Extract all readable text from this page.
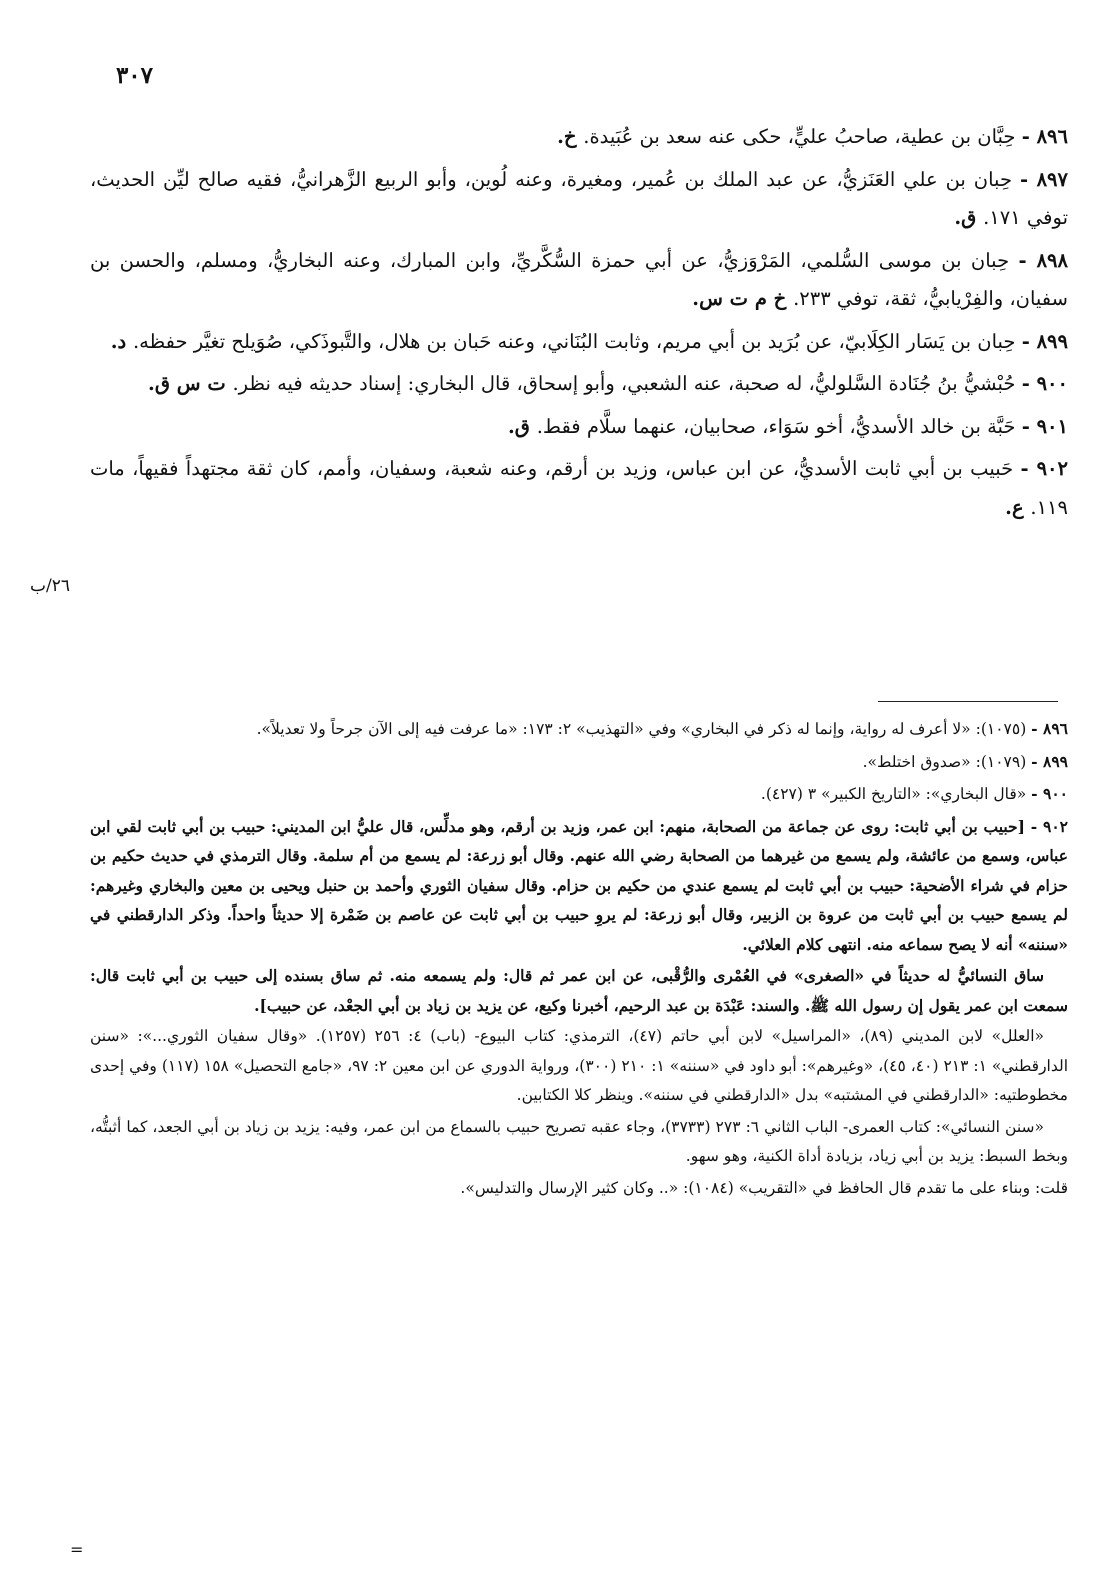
٣٠٧
٢٦/ب

٨٩٦ - حِبَّان بن عطية، صاحبُ عليٍّ، حكى عنه سعد بن عُبَيدة. خ.

٨٩٧ - حِبان بن علي العَنَزيُّ، عن عبد الملك بن عُمير، ومغيرة، وعنه لُوين، وأبو الربيع الزَّهرانيُّ، فقيه صالح ليِّن الحديث، توفي ١٧١. ق.

٨٩٨ - حِبان بن موسى السُّلمي، المَرْوَزيُّ، عن أبي حمزة السُّكَّريِّ، وابن المبارك، وعنه البخاريُّ، ومسلم، والحسن بن سفيان، والفِرْيابيُّ، ثقة، توفي ٢٣٣. خ م ت س.

٨٩٩ - حِبان بن يَسَار الكِلَابيّ، عن بُرَيد بن أبي مريم، وثابت البُنَاني، وعنه حَبان بن هلال، والتَّبوذَكي، صُوَيلح تغيَّر حفظه. د.

٩٠٠ - حُبْشيُّ بنُ جُنَادة السَّلوليُّ، له صحبة، عنه الشعبي، وأبو إسحاق، قال البخاري: إسناد حديثه فيه نظر. ت س ق.

٩٠١ - حَبَّة بن خالد الأسديُّ، أخو سَوَاء، صحابيان، عنهما سلَّام فقط. ق.

٩٠٢ - حَبيب بن أبي ثابت الأسديُّ، عن ابن عباس، وزيد بن أرقم، وعنه شعبة، وسفيان، وأمم، كان ثقة مجتهداً فقيهاً، مات ١١٩. ع.

٨٩٦ - (١٠٧٥): «لا أعرف له رواية، وإنما له ذكر في البخاري» وفي «التهذيب» ٢: ١٧٣: «ما عرفت فيه إلى الآن جرحاً ولا تعديلاً».

٨٩٩ - (١٠٧٩): «صدوق اختلط».

٩٠٠ - «قال البخاري»: «التاريخ الكبير» ٣ (٤٢٧).

٩٠٢ - [حبيب بن أبي ثابت: روى عن جماعة من الصحابة، منهم: ابن عمر، وزيد بن أرقم، وهو مدلِّس، قال عليُّ ابن المديني: حبيب بن أبي ثابت لقي ابن عباس، وسمع من عائشة، ولم يسمع من غيرهما من الصحابة رضي الله عنهم. وقال أبو زرعة: لم يسمع من أم سلمة. وقال الترمذي في حديث حكيم بن حزام في شراء الأضحية: حبيب بن أبي ثابت لم يسمع عندي من حكيم بن حزام. وقال سفيان الثوري وأحمد بن حنبل ويحيى بن معين والبخاري وغيرهم: لم يسمع حبيب بن أبي ثابت من عروة بن الزبير، وقال أبو زرعة: لم يروِ حبيب بن أبي ثابت عن عاصم بن ضَمْرة إلا حديثاً واحداً. وذكر الدارقطني في «سننه» أنه لا يصح سماعه منه. انتهى كلام العلائي.

ساق النسائيُّ له حديثاً في «الصغرى» في العُمْرى والرُّقْبى، عن ابن عمر ثم قال: ولم يسمعه منه. ثم ساق بسنده إلى حبيب بن أبي ثابت قال: سمعت ابن عمر يقول إن رسول الله ﷺ. والسند: عَبْدَة بن عبد الرحيم، أخبرنا وكيع، عن يزيد بن زياد بن أبي الجعْد، عن حبيب].

«العلل» لابن المديني (٨٩)، «المراسيل» لابن أبي حاتم (٤٧)، الترمذي: كتاب البيوع- (باب) ٤: ٢٥٦ (١٢٥٧). «وقال سفيان الثوري...»: «سنن الدارقطني» ١: ٢١٣ (٤٠، ٤٥)، «وغيرهم»: أبو داود في «سننه» ١: ٢١٠ (٣٠٠)، ورواية الدوري عن ابن معين ٢: ٩٧، «جامع التحصيل» ١٥٨ (١١٧) وفي إحدى مخطوطتيه: «الدارقطني في المشتبه» بدل «الدارقطني في سننه». وينظر كلا الكتابين.

«سنن النسائي»: كتاب العمرى- الباب الثاني ٦: ٢٧٣ (٣٧٣٣)، وجاء عقبه تصريح حبيب بالسماع من ابن عمر، وفيه: يزيد بن زياد بن أبي الجعد، كما أثبتُّه، وبخط السبط: يزيد بن أبي زياد، بزيادة أداة الكنية، وهو سهو.

قلت: وبناء على ما تقدم قال الحافظ في «التقريب» (١٠٨٤): «.. وكان كثير الإرسال والتدليس».

=
